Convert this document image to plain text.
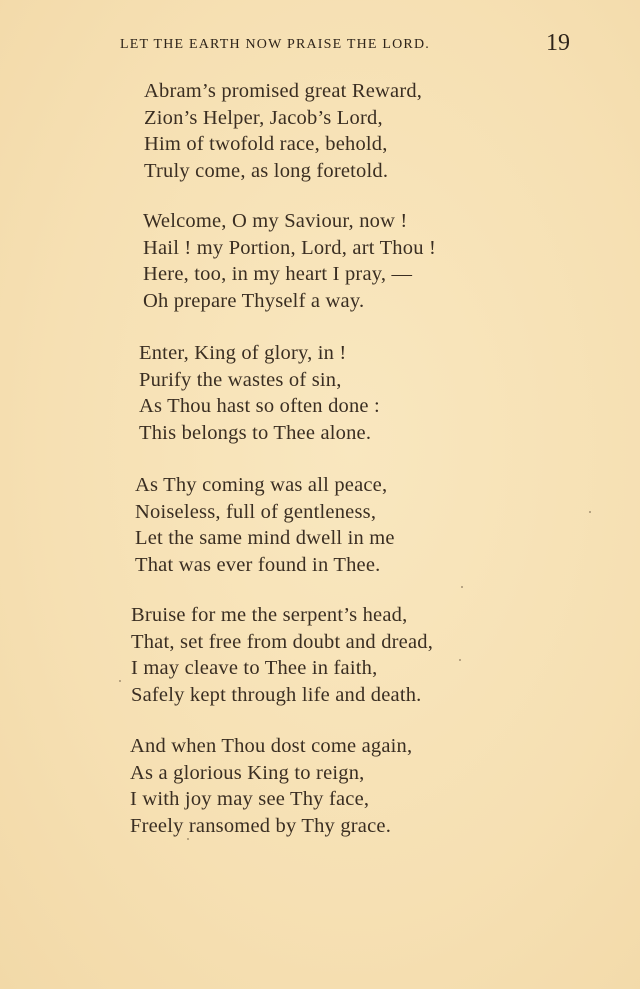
LET THE EARTH NOW PRAISE THE LORD.	19
Abram’s promised great Reward,
Zion’s Helper, Jacob’s Lord,
Him of twofold race, behold,
Truly come, as long foretold.
Welcome, O my Saviour, now !
Hail ! my Portion, Lord, art Thou !
Here, too, in my heart I pray, —
Oh prepare Thyself a way.
Enter, King of glory, in !
Purify the wastes of sin,
As Thou hast so often done :
This belongs to Thee alone.
As Thy coming was all peace,
Noiseless, full of gentleness,
Let the same mind dwell in me
That was ever found in Thee.
Bruise for me the serpent’s head,
That, set free from doubt and dread,
I may cleave to Thee in faith,
Safely kept through life and death.
And when Thou dost come again,
As a glorious King to reign,
I with joy may see Thy face,
Freely ransomed by Thy grace.
